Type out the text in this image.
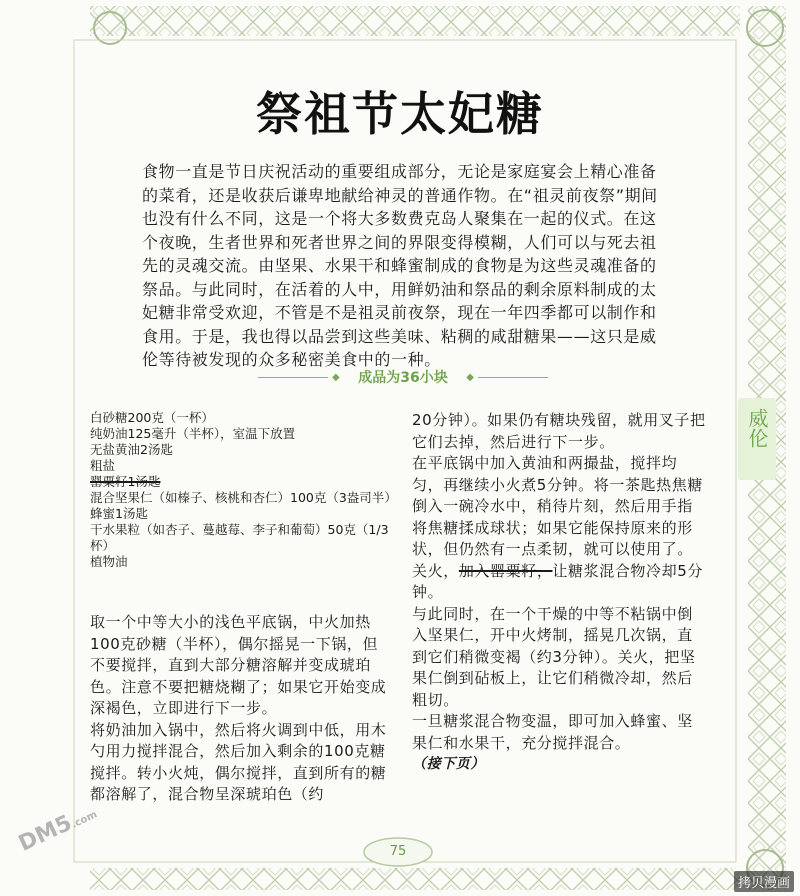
祭祖节太妃糖
食物一直是节日庆祝活动的重要组成部分，无论是家庭宴会上精心准备的菜肴，还是收获后谦卑地献给神灵的普通作物。在“祖灵前夜祭”期间也没有什么不同，这是一个将大多数费克岛人聚集在一起的仪式。在这个夜晚，生者世界和死者世界之间的界限变得模糊，人们可以与死去祖先的灵魂交流。由坚果、水果干和蜂蜜制成的食物是为这些灵魂准备的祭品。与此同时，在活着的人中，用鲜奶油和祭品的剩余原料制成的太妃糖非常受欢迎，不管是不是祖灵前夜祭，现在一年四季都可以制作和食用。于是，我也得以品尝到这些美味、粘稠的咸甜糖果——这只是威伦等待被发现的众多秘密美食中的一种。
◆	成品为36小块	◆
白砂糖200克（一杯）
纯奶油125毫升（半杯），室温下放置
无盐黄油2汤匙
粗盐
罂粟籽1汤匙
混合坚果仁（如榛子、核桃和杏仁）100克（3盎司半）
蜂蜜1汤匙
干水果粒（如杏子、蔓越莓、李子和葡萄）50克（1/3杯）
植物油

取一个中等大小的浅色平底锅，中火加热100克砂糖（半杯），偶尔摇晃一下锅，但不要搅拌，直到大部分糖溶解并变成琥珀色。注意不要把糖烧糊了；如果它开始变成深褐色，立即进行下一步。

将奶油加入锅中，然后将火调到中低，用木勺用力搅拌混合，然后加入剩余的100克糖搅拌。转小火炖，偶尔搅拌，直到所有的糖都溶解了，混合物呈深琥珀色（约

20分钟）。如果仍有糖块残留，就用叉子把它们去掉，然后进行下一步。

在平底锅中加入黄油和两撮盐，搅拌均匀，再继续小火煮5分钟。将一茶匙热焦糖倒入一碗冷水中，稍待片刻，然后用手指将焦糖揉成球状；如果它能保持原来的形状，但仍然有一点柔韧，就可以使用了。关火，加入罂粟籽，让糖浆混合物冷却5分钟。

与此同时，在一个干燥的中等不粘锅中倒入坚果仁，开中火烤制，摇晃几次锅，直到它们稍微变褐（约3分钟）。关火，把坚果仁倒到砧板上，让它们稍微冷却，然后粗切。

一旦糖浆混合物变温，即可加入蜂蜜、坚果仁和水果干，充分搅拌混合。

（接下页）

威伦
75
DM5.com
拷贝漫画
